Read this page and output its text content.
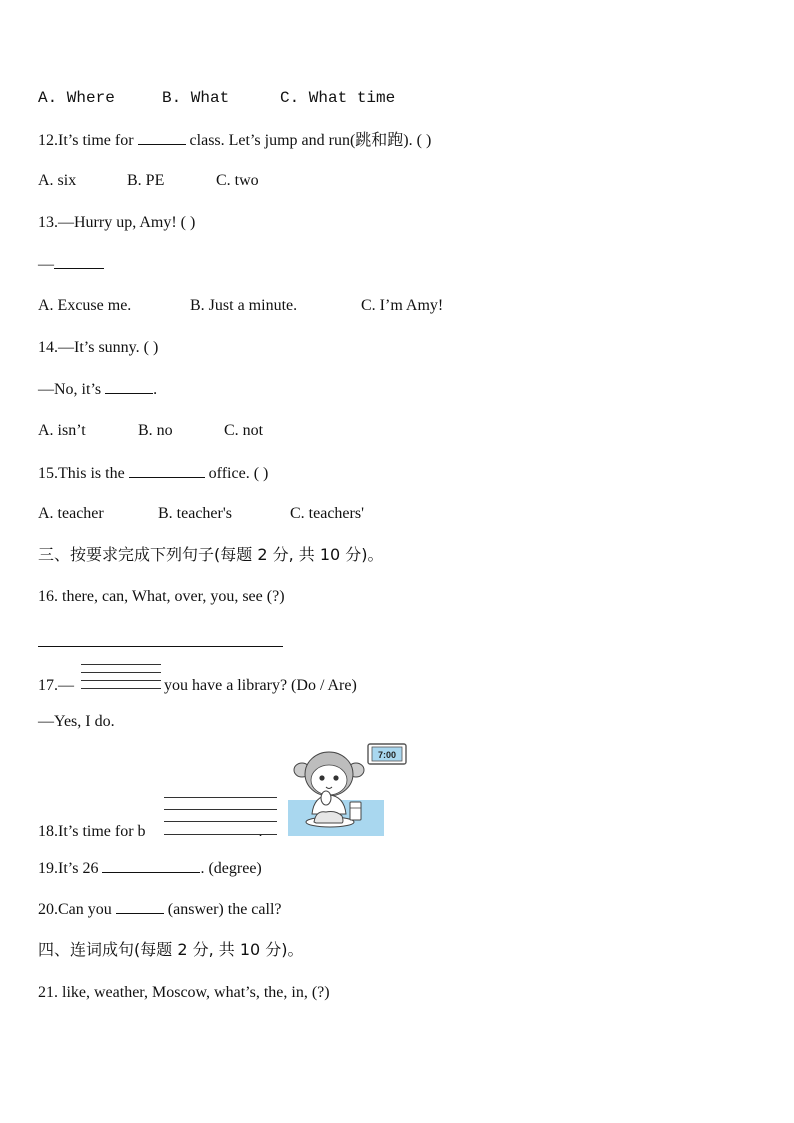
A. Where	B. What	C. What time
12.It’s time for	class. Let’s jump and run(跳和跑). ( )
A. six	B. PE	C. two
13.—Hurry up, Amy! ( )
—
A. Excuse me.	B. Just a minute.	C. I’m Amy!
14.—It’s sunny. ( )
—No, it’s	.
A. isn’t	B. no	C. not
15.This is the	office. ( )
A. teacher	B. teacher's	C. teachers'
三、按要求完成下列句子(每题 2 分, 共 10 分)。
16. there, can, What, over, you, see (?)
17.—	you have a library? (Do / Are)
—Yes, I do.
18.It’s time for b	.
7:00
19.It’s 26	. (degree)
20.Can you	(answer) the call?
四、连词成句(每题 2 分, 共 10 分)。
21. like, weather, Moscow, what’s, the, in, (?)
